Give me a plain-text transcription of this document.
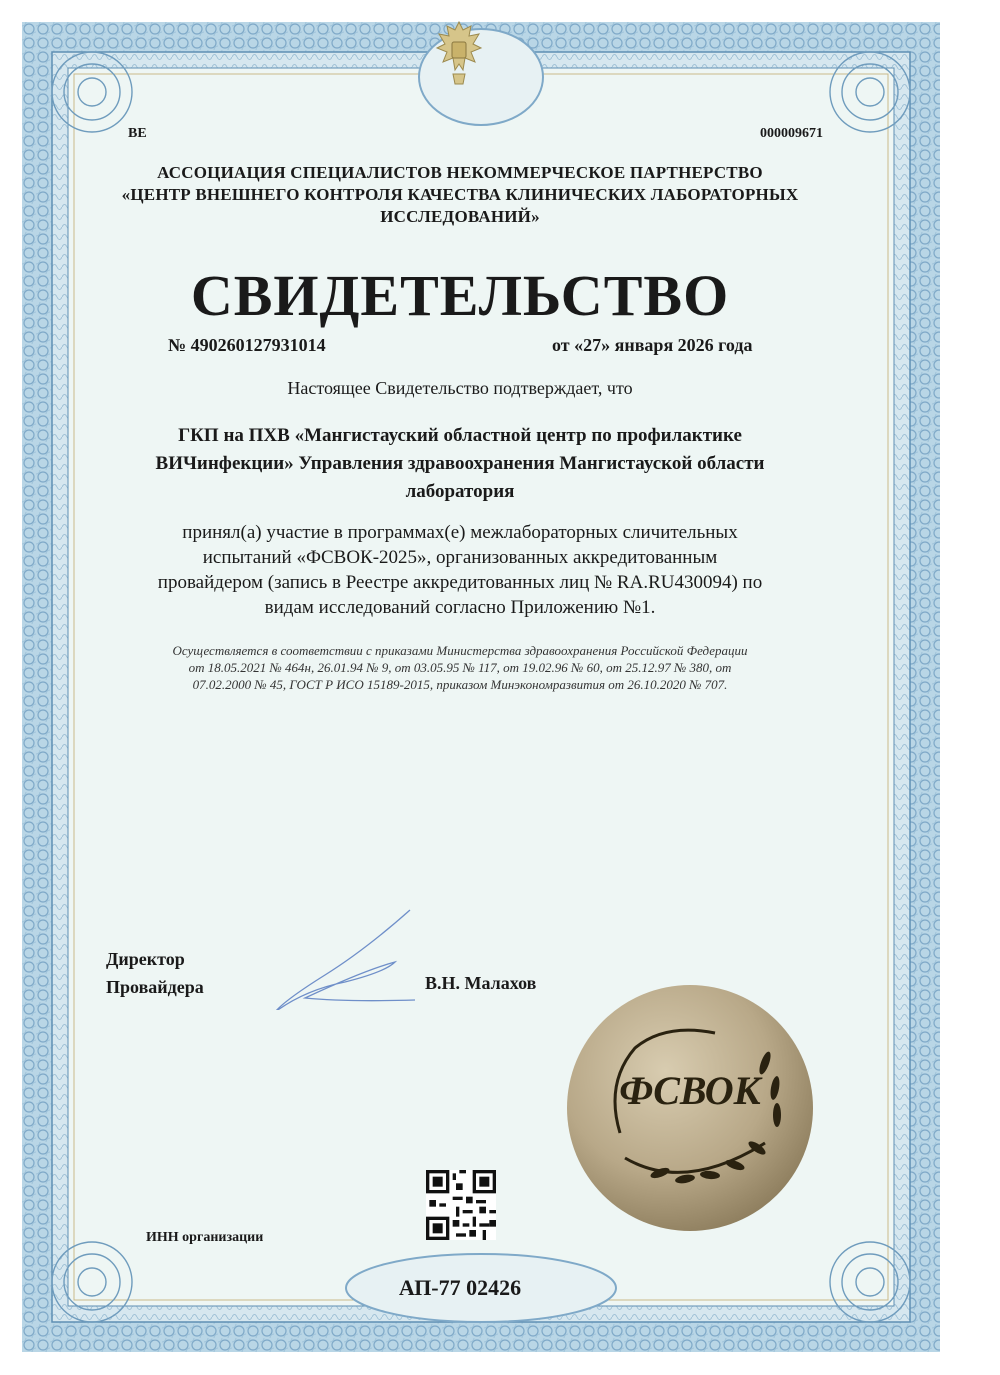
ВЕ	000009671
АССОЦИАЦИЯ СПЕЦИАЛИСТОВ НЕКОММЕРЧЕСКОЕ ПАРТНЕРСТВО
«ЦЕНТР ВНЕШНЕГО КОНТРОЛЯ КАЧЕСТВА КЛИНИЧЕСКИХ ЛАБОРАТОРНЫХ
ИССЛЕДОВАНИЙ»
СВИДЕТЕЛЬСТВО
№ 490260127931014	от «27» января 2026 года
Настоящее Свидетельство подтверждает, что
ГКП на ПХВ «Мангистауский областной центр по профилактике
ВИЧинфекции» Управления здравоохранения Мангистауской области
лаборатория
принял(а) участие в программах(е) межлабораторных сличительных
испытаний «ФСВОК-2025», организованных аккредитованным
провайдером (запись в Реестре аккредитованных лиц № RA.RU430094) по
видам исследований согласно Приложению №1.
Осуществляется в соответствии с приказами Министерства здравоохранения Российской Федерации
от 18.05.2021 № 464н, 26.01.94 № 9, от 03.05.95 № 117, от 19.02.96 № 60, от 25.12.97 № 380, от
07.02.2000 № 45, ГОСТ Р ИСО 15189-2015, приказом Минэкономразвития от 26.10.2020 № 707.
Директор
Провайдера	В.Н. Малахов
ФСВОК
ИНН организации
АП-77 02426
